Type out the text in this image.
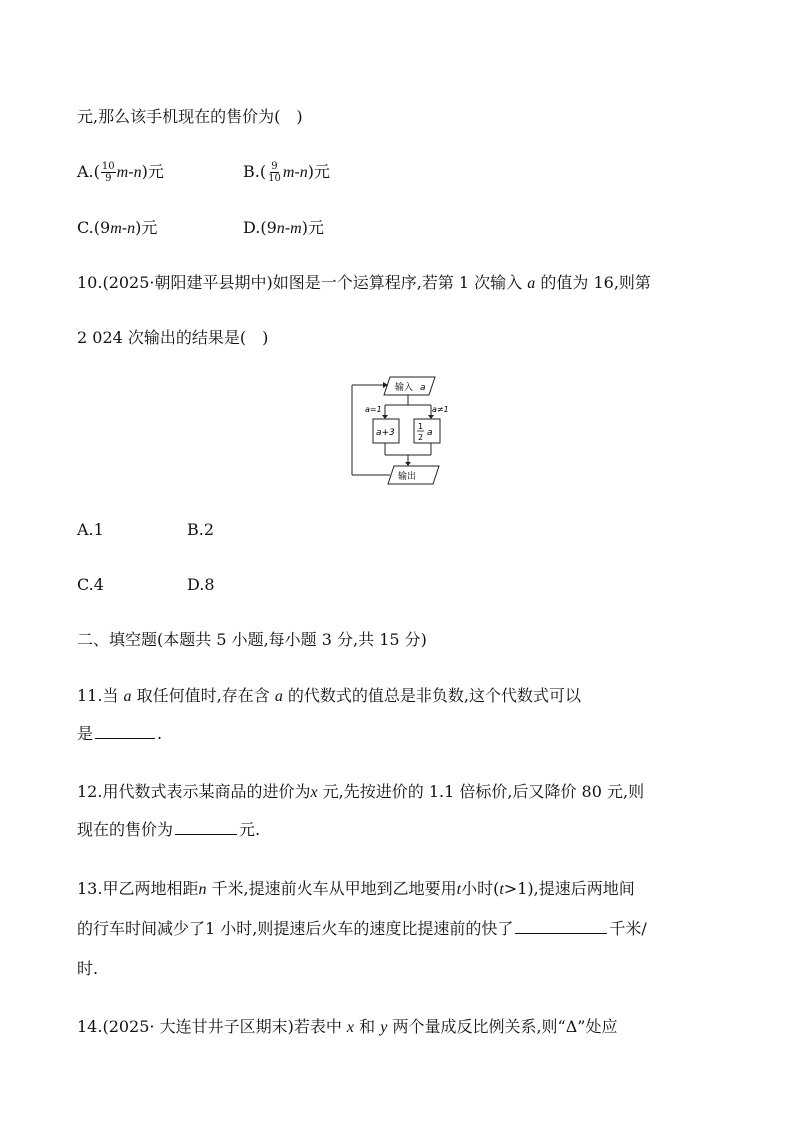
元,那么该手机现在的售价为(　)
$A.( \frac{10}{9} m-n)$元	$B.( \frac{9}{10} m-n)$元
C.(9m-n)元	D.(9n-m)元
10.(2025·朝阳建平县期中)如图是一个运算程序,若第 1 次输入 a 的值为 16,则第
2 024 次输出的结果是(　)
输入 a
a=1	a≠1
a+3
1
2 a
输出
A.1	B.2
C.4	D.8
二、填空题(本题共 5 小题,每小题 3 分,共 15 分)
11.当 a 取任何值时,存在含 a 的代数式的值总是非负数,这个代数式可以
是	.
12.用代数式表示某商品的进价为x 元,先按进价的 1.1 倍标价,后又降价 80 元,则
现在的售价为	元.
13.甲乙两地相距n 千米,提速前火车从甲地到乙地要用t小时(t>1),提速后两地间
的行车时间减少了1 小时,则提速后火车的速度比提速前的快了	千米/
时.
14.(2025· 大连甘井子区期末)若表中 x 和 y 两个量成反比例关系,则“Δ”处应
